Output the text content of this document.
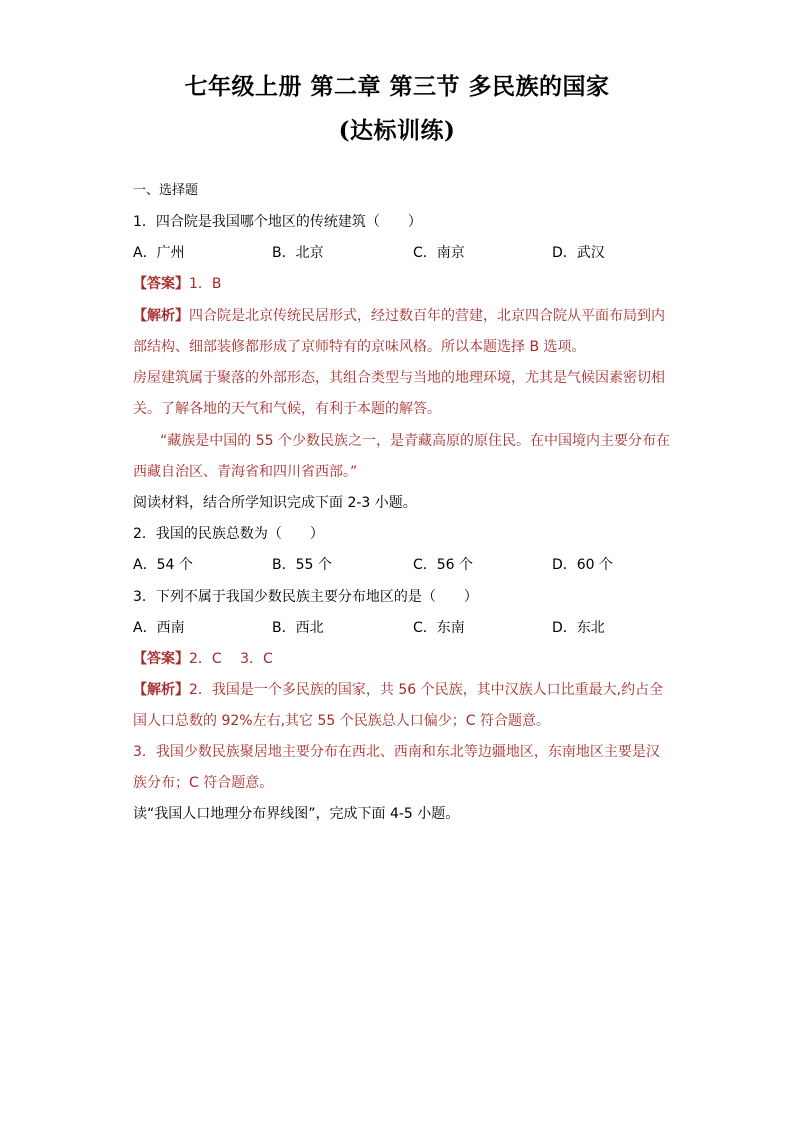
七年级上册 第二章 第三节 多民族的国家
(达标训练)
一、选择题
1．四合院是我国哪个地区的传统建筑（　　）
A．广州	B．北京	C．南京	D．武汉
【答案】1．B
【解析】四合院是北京传统民居形式，经过数百年的营建，北京四合院从平面布局到内
部结构、细部装修都形成了京师特有的京味风格。所以本题选择 B 选项。
房屋建筑属于聚落的外部形态，其组合类型与当地的地理环境，尤其是气候因素密切相
关。了解各地的天气和气候，有利于本题的解答。
“藏族是中国的 55 个少数民族之一，是青藏高原的原住民。在中国境内主要分布在
西藏自治区、青海省和四川省西部。”
阅读材料，结合所学知识完成下面 2-3 小题。
2．我国的民族总数为（　　）
A．54 个	B．55 个	C．56 个	D．60 个
3．下列不属于我国少数民族主要分布地区的是（　　）
A．西南	B．西北	C．东南	D．东北
【答案】2．C　 3．C
【解析】2．我国是一个多民族的国家，共 56 个民族，其中汉族人口比重最大,约占全
国人口总数的 92%左右,其它 55 个民族总人口偏少；C 符合题意。
3．我国少数民族聚居地主要分布在西北、西南和东北等边疆地区，东南地区主要是汉
族分布；C 符合题意。
读“我国人口地理分布界线图”，完成下面 4-5 小题。
